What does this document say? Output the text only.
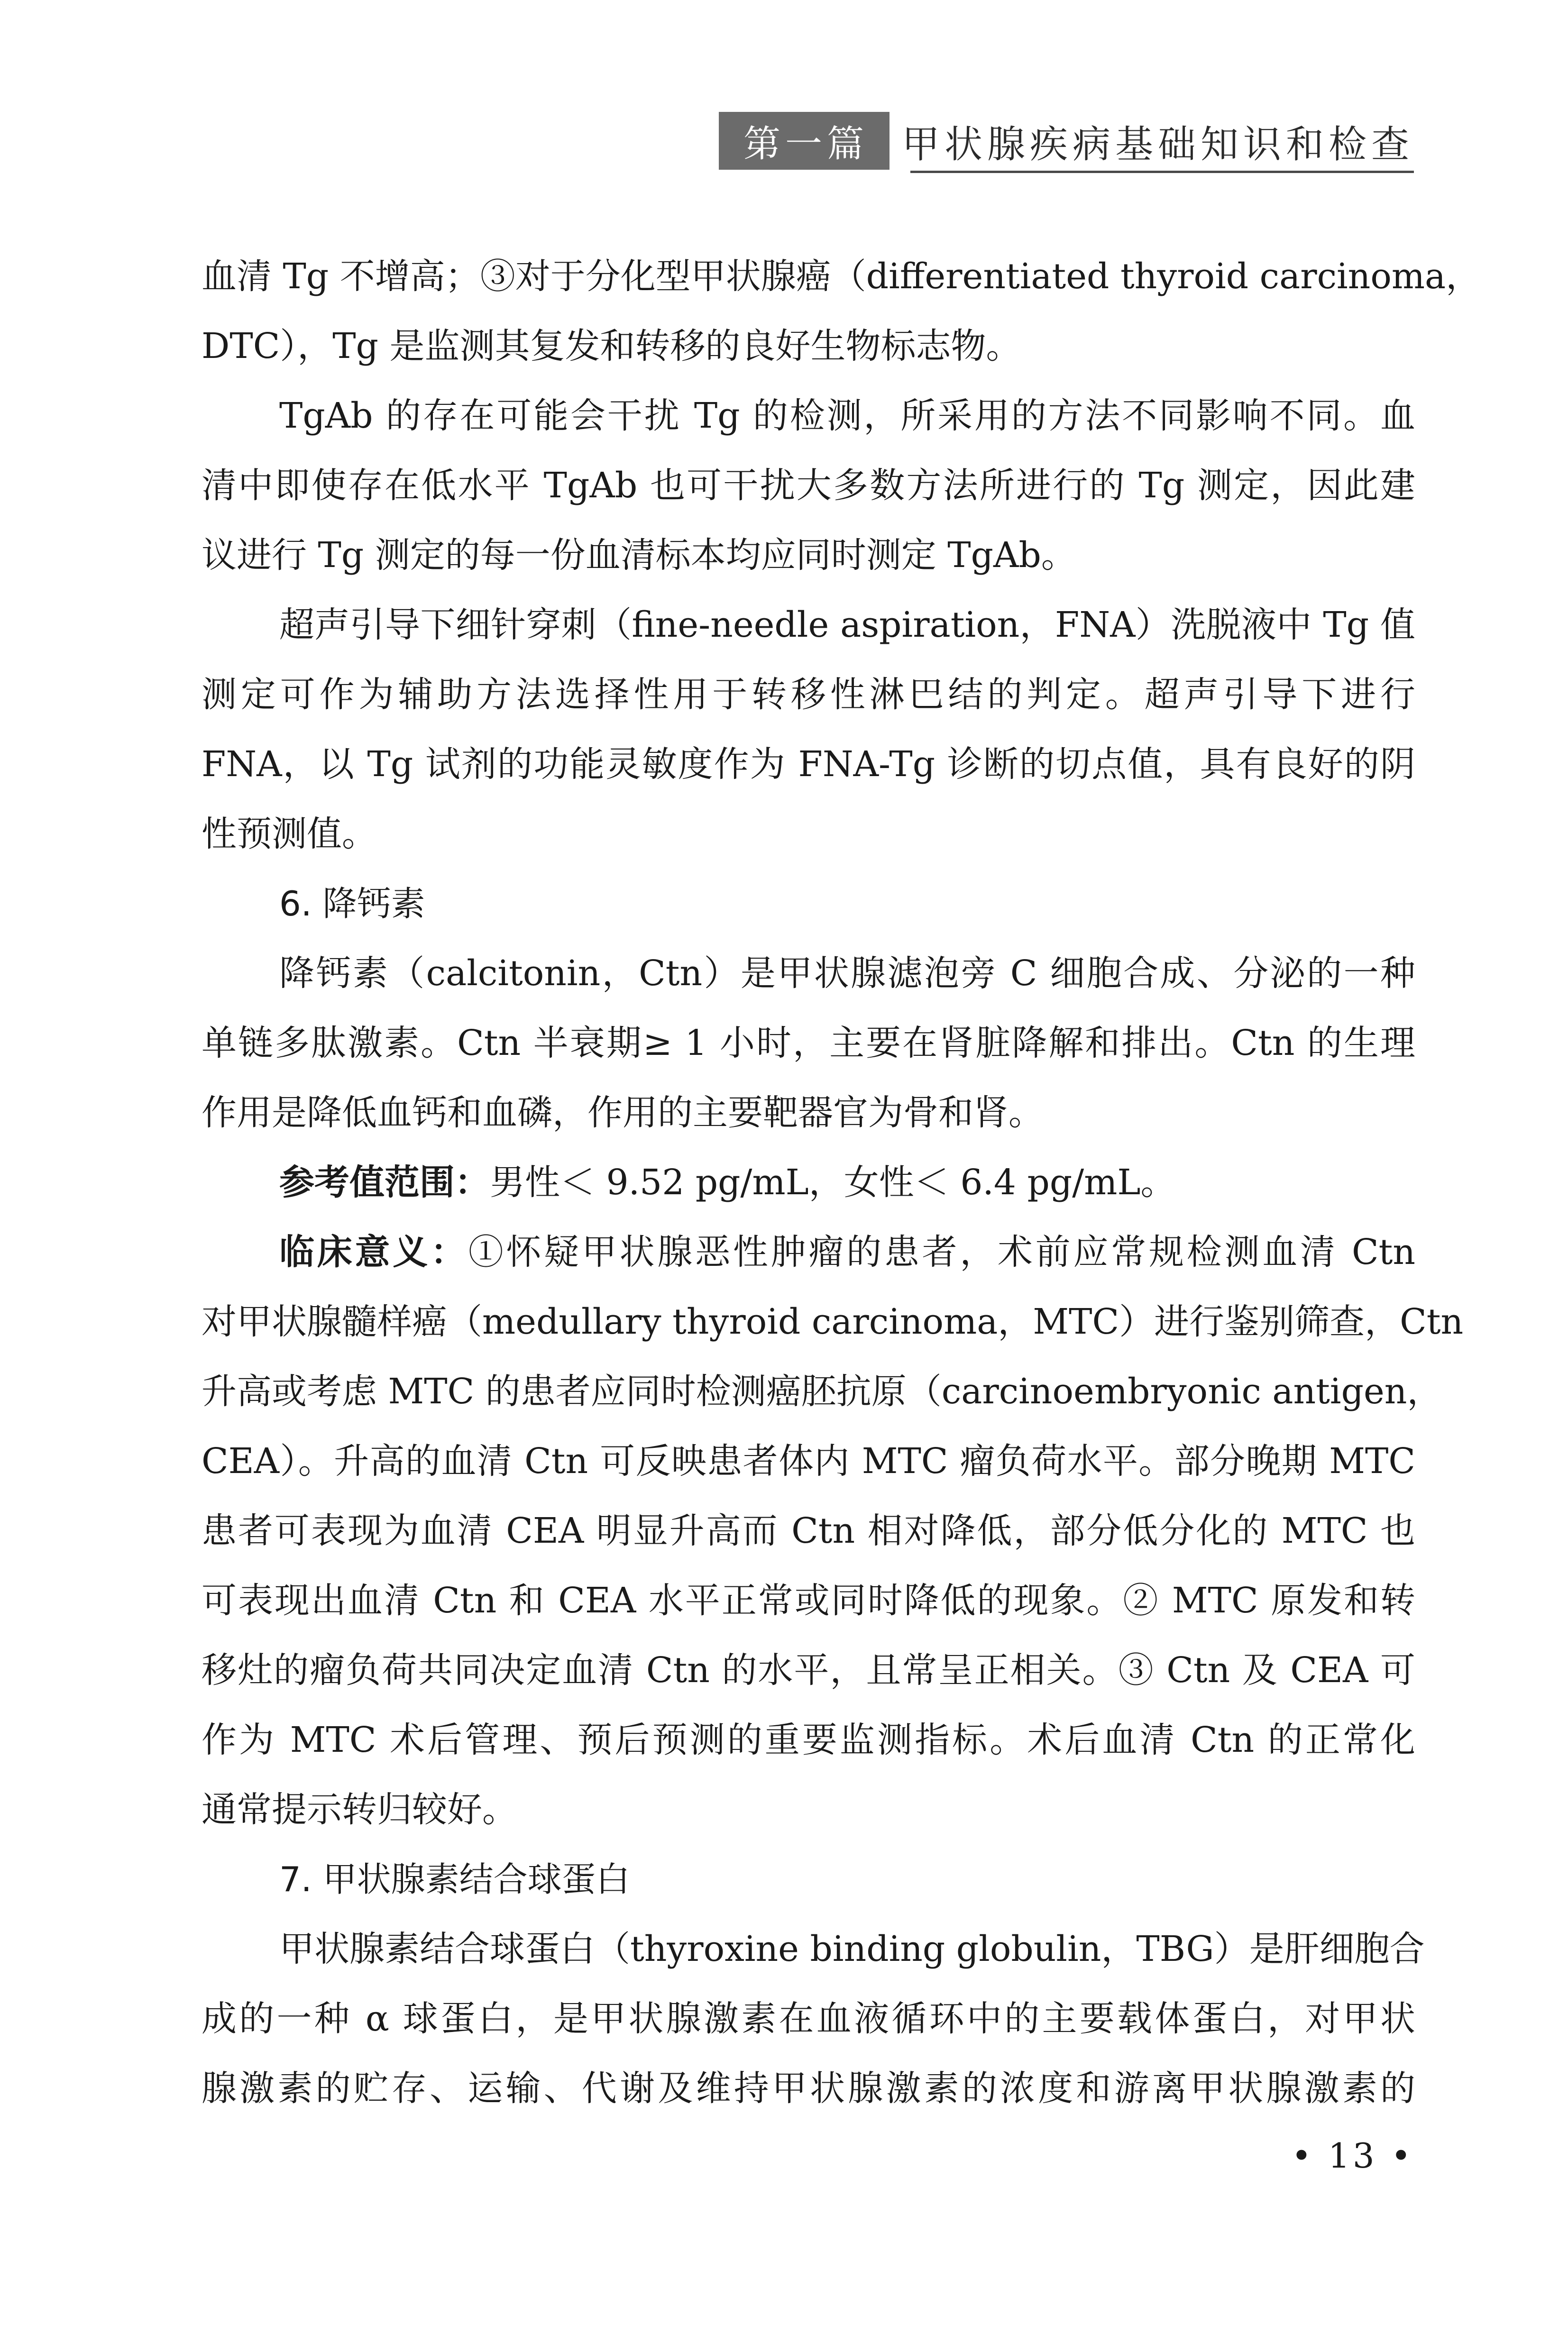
第一篇 甲状腺疾病基础知识和检查
血清 Tg 不增高；③对于分化型甲状腺癌（differentiated thyroid carcinoma，
DTC），Tg 是监测其复发和转移的良好生物标志物。
TgAb 的存在可能会干扰 Tg 的检测，所采用的方法不同影响不同。血
清中即使存在低水平 TgAb 也可干扰大多数方法所进行的 Tg 测定，因此建
议进行 Tg 测定的每一份血清标本均应同时测定 TgAb。
超声引导下细针穿刺（fine-needle aspiration，FNA）洗脱液中 Tg 值
测定可作为辅助方法选择性用于转移性淋巴结的判定。超声引导下进行
FNA，以 Tg 试剂的功能灵敏度作为 FNA-Tg 诊断的切点值，具有良好的阴
性预测值。
6. 降钙素
降钙素（calcitonin，Ctn）是甲状腺滤泡旁 C 细胞合成、分泌的一种
单链多肽激素。Ctn 半衰期≥ 1 小时，主要在肾脏降解和排出。Ctn 的生理
作用是降低血钙和血磷，作用的主要靶器官为骨和肾。
参考值范围：男性＜ 9.52 pg/mL，女性＜ 6.4 pg/mL。
临床意义：①怀疑甲状腺恶性肿瘤的患者，术前应常规检测血清 Ctn
对甲状腺髓样癌（medullary thyroid carcinoma，MTC）进行鉴别筛查，Ctn
升高或考虑 MTC 的患者应同时检测癌胚抗原（carcinoembryonic antigen，
CEA）。升高的血清 Ctn 可反映患者体内 MTC 瘤负荷水平。部分晚期 MTC
患者可表现为血清 CEA 明显升高而 Ctn 相对降低，部分低分化的 MTC 也
可表现出血清 Ctn 和 CEA 水平正常或同时降低的现象。② MTC 原发和转
移灶的瘤负荷共同决定血清 Ctn 的水平，且常呈正相关。③ Ctn 及 CEA 可
作为 MTC 术后管理、预后预测的重要监测指标。术后血清 Ctn 的正常化
通常提示转归较好。
7. 甲状腺素结合球蛋白
甲状腺素结合球蛋白（thyroxine binding globulin，TBG）是肝细胞合
成的一种 α 球蛋白，是甲状腺激素在血液循环中的主要载体蛋白，对甲状
腺激素的贮存、运输、代谢及维持甲状腺激素的浓度和游离甲状腺激素的
• 13 •
